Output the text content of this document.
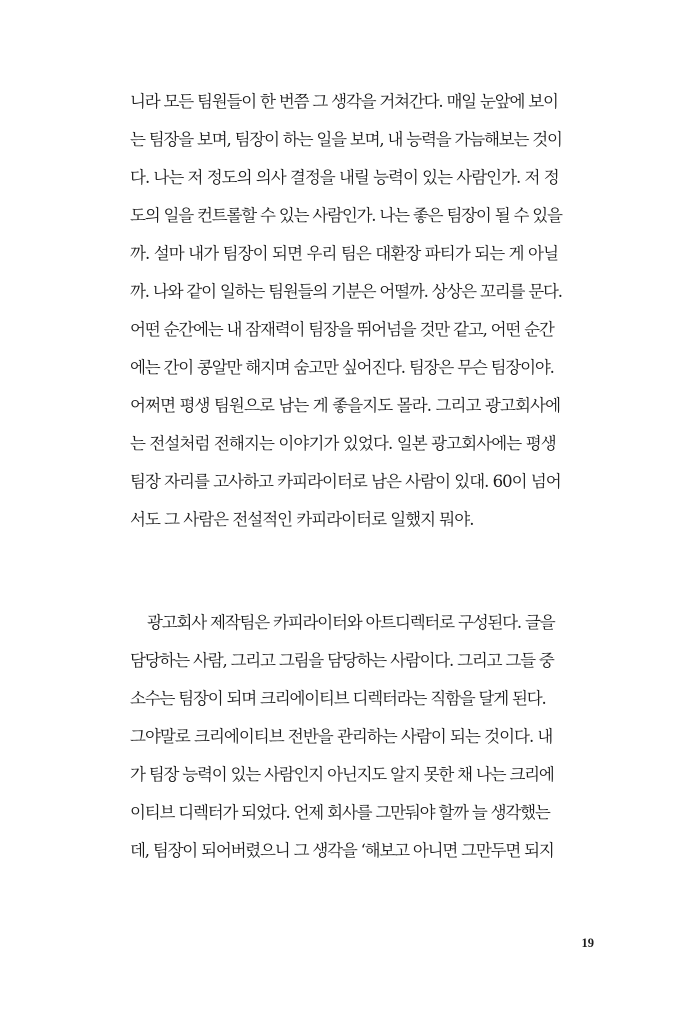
니라 모든 팀원들이 한 번쯤 그 생각을 거쳐간다. 매일 눈앞에 보이
는 팀장을 보며, 팀장이 하는 일을 보며, 내 능력을 가늠해보는 것이
다. 나는 저 정도의 의사 결정을 내릴 능력이 있는 사람인가. 저 정
도의 일을 컨트롤할 수 있는 사람인가. 나는 좋은 팀장이 될 수 있을
까. 설마 내가 팀장이 되면 우리 팀은 대환장 파티가 되는 게 아닐
까. 나와 같이 일하는 팀원들의 기분은 어떨까. 상상은 꼬리를 문다.
어떤 순간에는 내 잠재력이 팀장을 뛰어넘을 것만 같고, 어떤 순간
에는 간이 콩알만 해지며 숨고만 싶어진다. 팀장은 무슨 팀장이야.
어쩌면 평생 팀원으로 남는 게 좋을지도 몰라. 그리고 광고회사에
는 전설처럼 전해지는 이야기가 있었다. 일본 광고회사에는 평생
팀장 자리를 고사하고 카피라이터로 남은 사람이 있대. 60이 넘어
서도 그 사람은 전설적인 카피라이터로 일했지 뭐야.
광고회사 제작팀은 카피라이터와 아트디렉터로 구성된다. 글을
담당하는 사람, 그리고 그림을 담당하는 사람이다. 그리고 그들 중
소수는 팀장이 되며 크리에이티브 디렉터라는 직함을 달게 된다.
그야말로 크리에이티브 전반을 관리하는 사람이 되는 것이다. 내
가 팀장 능력이 있는 사람인지 아닌지도 알지 못한 채 나는 크리에
이티브 디렉터가 되었다. 언제 회사를 그만둬야 할까 늘 생각했는
데, 팀장이 되어버렸으니 그 생각을 ‘해보고 아니면 그만두면 되지
19
